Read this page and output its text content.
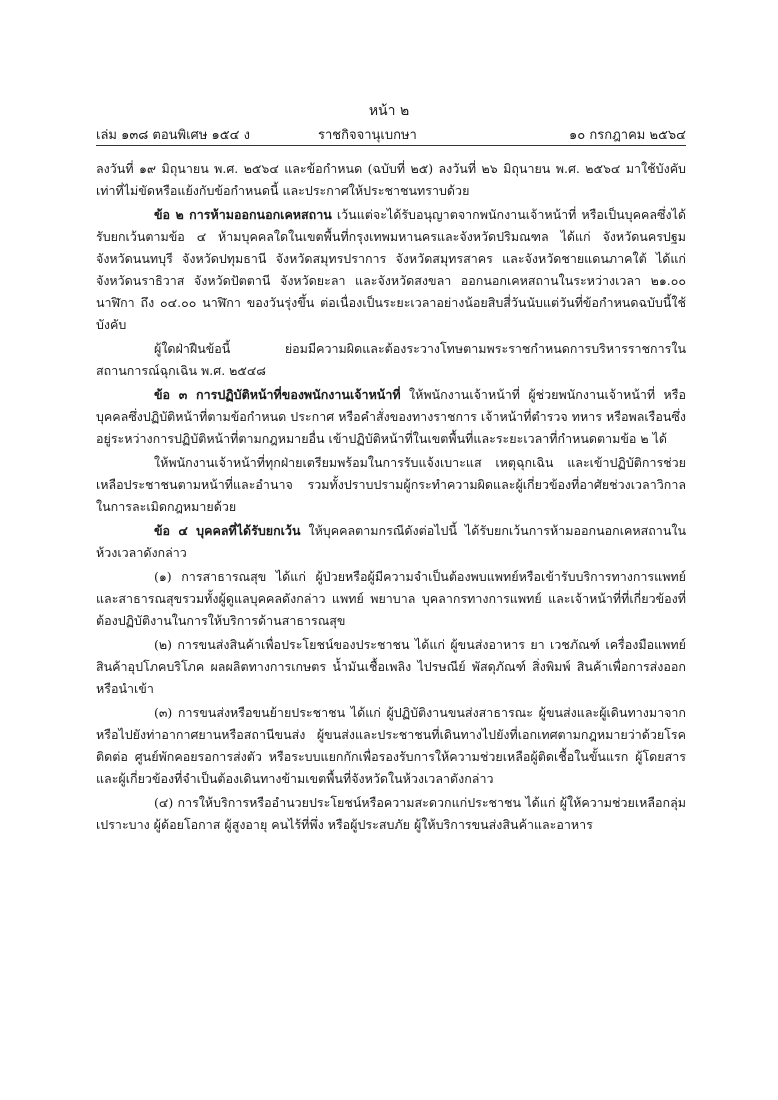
หน้า ๒
เล่ม ๑๓๘ ตอนพิเศษ ๑๕๔ ง	ราชกิจจานุเบกษา	๑๐ กรกฎาคม ๒๕๖๔

ลงวันที่ ๑๙ มิถุนายน พ.ศ. ๒๕๖๔ และข้อกำหนด (ฉบับที่ ๒๕) ลงวันที่ ๒๖ มิถุนายน พ.ศ. ๒๕๖๔ มาใช้บังคับเท่าที่ไม่ขัดหรือแย้งกับข้อกำหนดนี้ และประกาศให้ประชาชนทราบด้วย

ข้อ ๒ การห้ามออกนอกเคหสถาน เว้นแต่จะได้รับอนุญาตจากพนักงานเจ้าหน้าที่ หรือเป็นบุคคลซึ่งได้รับยกเว้นตามข้อ ๔ ห้ามบุคคลใดในเขตพื้นที่กรุงเทพมหานครและจังหวัดปริมณฑล ได้แก่ จังหวัดนครปฐม จังหวัดนนทบุรี จังหวัดปทุมธานี จังหวัดสมุทรปราการ จังหวัดสมุทรสาคร และจังหวัดชายแดนภาคใต้ ได้แก่ จังหวัดนราธิวาส จังหวัดปัตตานี จังหวัดยะลา และจังหวัดสงขลา ออกนอกเคหสถานในระหว่างเวลา ๒๑.๐๐ นาฬิกา ถึง ๐๔.๐๐ นาฬิกา ของวันรุ่งขึ้น ต่อเนื่องเป็นระยะเวลาอย่างน้อยสิบสี่วันนับแต่วันที่ข้อกำหนดฉบับนี้ใช้บังคับ

ผู้ใดฝ่าฝืนข้อนี้ ย่อมมีความผิดและต้องระวางโทษตามพระราชกำหนดการบริหารราชการในสถานการณ์ฉุกเฉิน พ.ศ. ๒๕๔๘

ข้อ ๓ การปฏิบัติหน้าที่ของพนักงานเจ้าหน้าที่ ให้พนักงานเจ้าหน้าที่ ผู้ช่วยพนักงานเจ้าหน้าที่ หรือบุคคลซึ่งปฏิบัติหน้าที่ตามข้อกำหนด ประกาศ หรือคำสั่งของทางราชการ เจ้าหน้าที่ตำรวจ ทหาร หรือพลเรือนซึ่งอยู่ระหว่างการปฏิบัติหน้าที่ตามกฎหมายอื่น เข้าปฏิบัติหน้าที่ในเขตพื้นที่และระยะเวลาที่กำหนดตามข้อ ๒ ได้

ให้พนักงานเจ้าหน้าที่ทุกฝ่ายเตรียมพร้อมในการรับแจ้งเบาะแส เหตุฉุกเฉิน และเข้าปฏิบัติการช่วยเหลือประชาชนตามหน้าที่และอำนาจ รวมทั้งปราบปรามผู้กระทำความผิดและผู้เกี่ยวข้องที่อาศัยช่วงเวลาวิกาลในการละเมิดกฎหมายด้วย

ข้อ ๔ บุคคลที่ได้รับยกเว้น ให้บุคคลตามกรณีดังต่อไปนี้ ได้รับยกเว้นการห้ามออกนอกเคหสถานในห้วงเวลาดังกล่าว

(๑) การสาธารณสุข ได้แก่ ผู้ป่วยหรือผู้มีความจำเป็นต้องพบแพทย์หรือเข้ารับบริการทางการแพทย์และสาธารณสุขรวมทั้งผู้ดูแลบุคคลดังกล่าว แพทย์ พยาบาล บุคลากรทางการแพทย์ และเจ้าหน้าที่ที่เกี่ยวข้องที่ต้องปฏิบัติงานในการให้บริการด้านสาธารณสุข

(๒) การขนส่งสินค้าเพื่อประโยชน์ของประชาชน ได้แก่ ผู้ขนส่งอาหาร ยา เวชภัณฑ์ เครื่องมือแพทย์ สินค้าอุปโภคบริโภค ผลผลิตทางการเกษตร น้ำมันเชื้อเพลิง ไปรษณีย์ พัสดุภัณฑ์ สิ่งพิมพ์ สินค้าเพื่อการส่งออกหรือนำเข้า

(๓) การขนส่งหรือขนย้ายประชาชน ได้แก่ ผู้ปฏิบัติงานขนส่งสาธารณะ ผู้ขนส่งและผู้เดินทางมาจากหรือไปยังท่าอากาศยานหรือสถานีขนส่ง ผู้ขนส่งและประชาชนที่เดินทางไปยังที่เอกเทศตามกฎหมายว่าด้วยโรคติดต่อ ศูนย์พักคอยรอการส่งตัว หรือระบบแยกกักเพื่อรองรับการให้ความช่วยเหลือผู้ติดเชื้อในขั้นแรก ผู้โดยสารและผู้เกี่ยวข้องที่จำเป็นต้องเดินทางข้ามเขตพื้นที่จังหวัดในห้วงเวลาดังกล่าว

(๔) การให้บริการหรืออำนวยประโยชน์หรือความสะดวกแก่ประชาชน ได้แก่ ผู้ให้ความช่วยเหลือกลุ่มเปราะบาง ผู้ด้อยโอกาส ผู้สูงอายุ คนไร้ที่พึ่ง หรือผู้ประสบภัย ผู้ให้บริการขนส่งสินค้าและอาหาร
